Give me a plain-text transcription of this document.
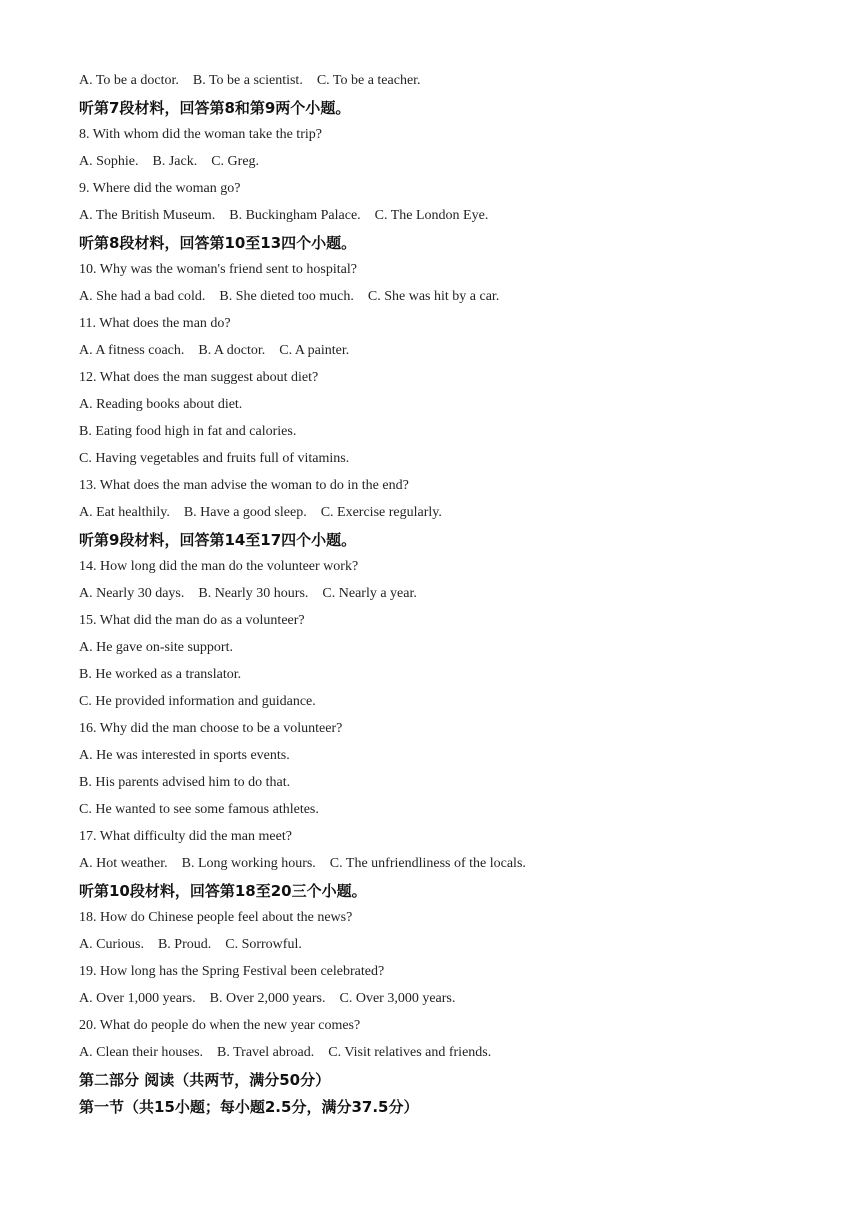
A. To be a doctor.    B. To be a scientist.    C. To be a teacher.
听第7段材料，回答第8和第9两个小题。
8. With whom did the woman take the trip?
A. Sophie.    B. Jack.    C. Greg.
9. Where did the woman go?
A. The British Museum.    B. Buckingham Palace.    C. The London Eye.
听第8段材料，回答第10至13四个小题。
10. Why was the woman's friend sent to hospital?
A. She had a bad cold.    B. She dieted too much.    C. She was hit by a car.
11. What does the man do?
A. A fitness coach.    B. A doctor.    C. A painter.
12. What does the man suggest about diet?
A. Reading books about diet.
B. Eating food high in fat and calories.
C. Having vegetables and fruits full of vitamins.
13. What does the man advise the woman to do in the end?
A. Eat healthily.    B. Have a good sleep.    C. Exercise regularly.
听第9段材料，回答第14至17四个小题。
14. How long did the man do the volunteer work?
A. Nearly 30 days.    B. Nearly 30 hours.    C. Nearly a year.
15. What did the man do as a volunteer?
A. He gave on-site support.
B. He worked as a translator.
C. He provided information and guidance.
16. Why did the man choose to be a volunteer?
A. He was interested in sports events.
B. His parents advised him to do that.
C. He wanted to see some famous athletes.
17. What difficulty did the man meet?
A. Hot weather.    B. Long working hours.    C. The unfriendliness of the locals.
听第10段材料，回答第18至20三个小题。
18. How do Chinese people feel about the news?
A. Curious.    B. Proud.    C. Sorrowful.
19. How long has the Spring Festival been celebrated?
A. Over 1,000 years.    B. Over 2,000 years.    C. Over 3,000 years.
20. What do people do when the new year comes?
A. Clean their houses.    B. Travel abroad.    C. Visit relatives and friends.
第二部分 阅读（共两节，满分50分）
第一节（共15小题；每小题2.5分，满分37.5分）
